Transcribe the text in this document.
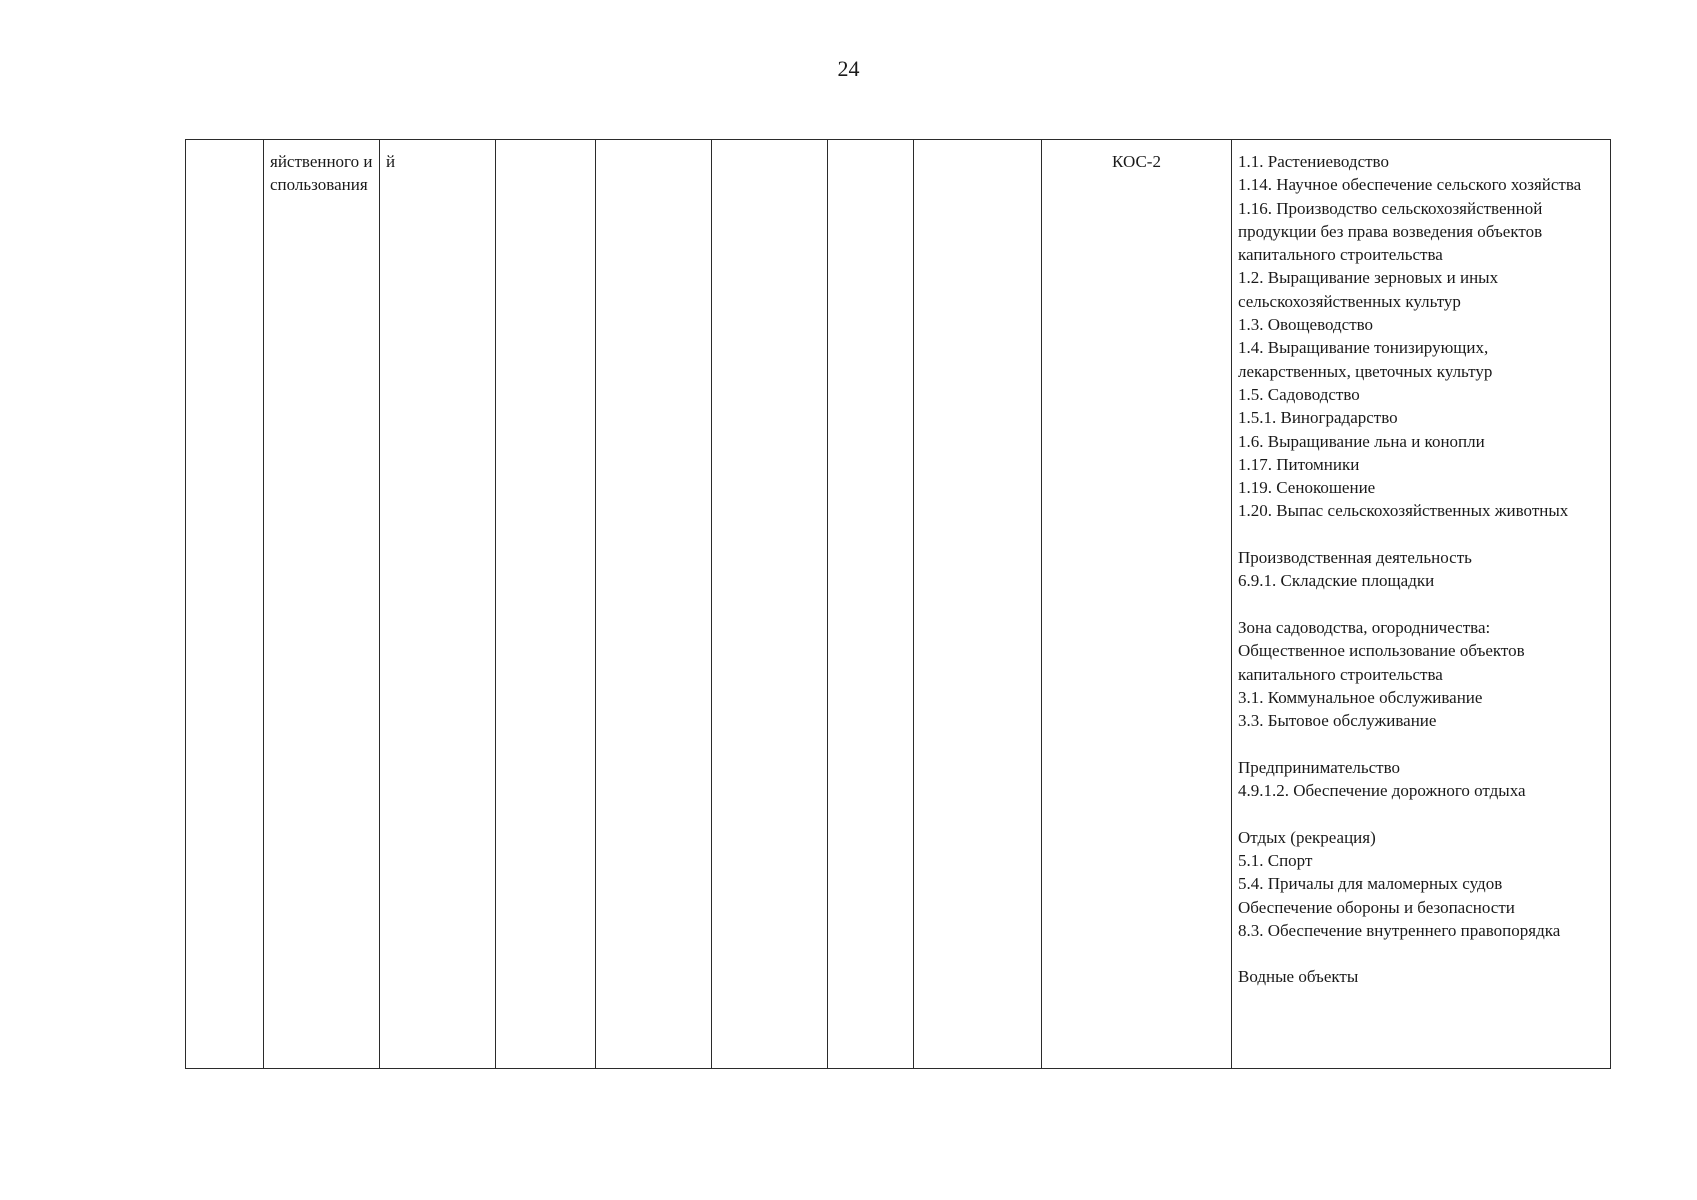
24
	яйственного использования	й						КОС-2	1.1. Растениеводство
1.14. Научное обеспечение сельского хозяйства
1.16. Производство сельскохозяйственной продукции без права возведения объектов капитального строительства
1.2. Выращивание зерновых и иных сельскохозяйственных культур
1.3. Овощеводство
1.4. Выращивание тонизирующих, лекарственных, цветочных культур
1.5. Садоводство
1.5.1. Виноградарство
1.6. Выращивание льна и конопли
1.17. Питомники
1.19. Сенокошение
1.20. Выпас сельскохозяйственных животных
Производственная деятельность
6.9.1. Складские площадки
Зона садоводства, огородничества:
Общественное использование объектов капитального строительства
3.1. Коммунальное обслуживание
3.3. Бытовое обслуживание
Предпринимательство
4.9.1.2. Обеспечение дорожного отдыха
Отдых (рекреация)
5.1. Спорт
5.4. Причалы для маломерных судов
Обеспечение обороны и безопасности
8.3. Обеспечение внутреннего правопорядка
Водные объекты
